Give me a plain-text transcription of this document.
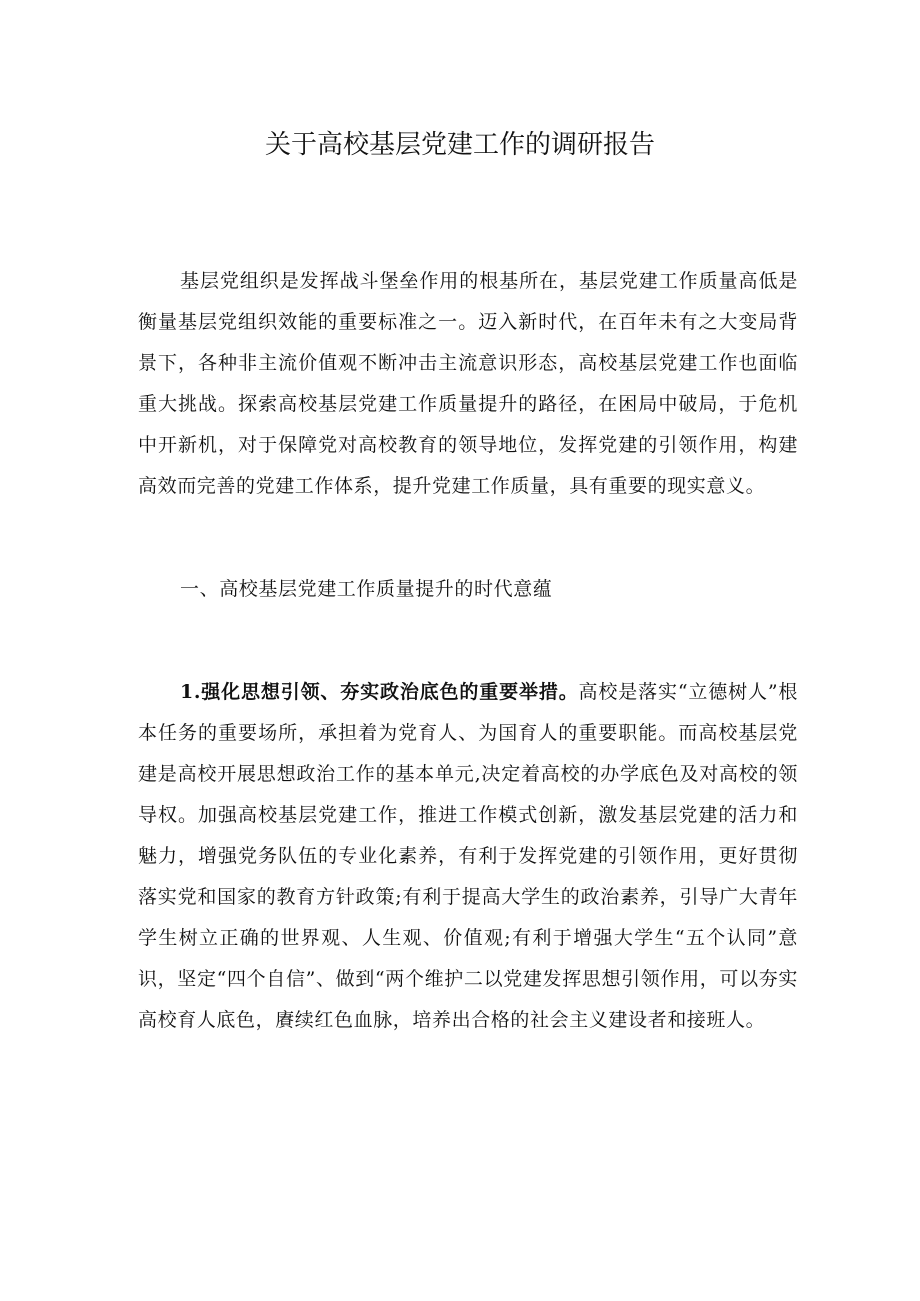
关于高校基层党建工作的调研报告

基层党组织是发挥战斗堡垒作用的根基所在，基层党建工作质量高低是衡量基层党组织效能的重要标准之一。迈入新时代，在百年未有之大变局背景下，各种非主流价值观不断冲击主流意识形态，高校基层党建工作也面临重大挑战。探索高校基层党建工作质量提升的路径，在困局中破局，于危机中开新机，对于保障党对高校教育的领导地位，发挥党建的引领作用，构建高效而完善的党建工作体系，提升党建工作质量，具有重要的现实意义。

一、高校基层党建工作质量提升的时代意蕴

1.强化思想引领、夯实政治底色的重要举措。高校是落实“立德树人”根本任务的重要场所，承担着为党育人、为国育人的重要职能。而高校基层党建是高校开展思想政治工作的基本单元,决定着高校的办学底色及对高校的领导权。加强高校基层党建工作，推进工作模式创新，激发基层党建的活力和魅力，增强党务队伍的专业化素养，有利于发挥党建的引领作用，更好贯彻落实党和国家的教育方针政策;有利于提高大学生的政治素养，引导广大青年学生树立正确的世界观、人生观、价值观;有利于增强大学生“五个认同”意识，坚定“四个自信”、做到“两个维护二以党建发挥思想引领作用，可以夯实高校育人底色，賡续红色血脉，培养出合格的社会主义建设者和接班人。
